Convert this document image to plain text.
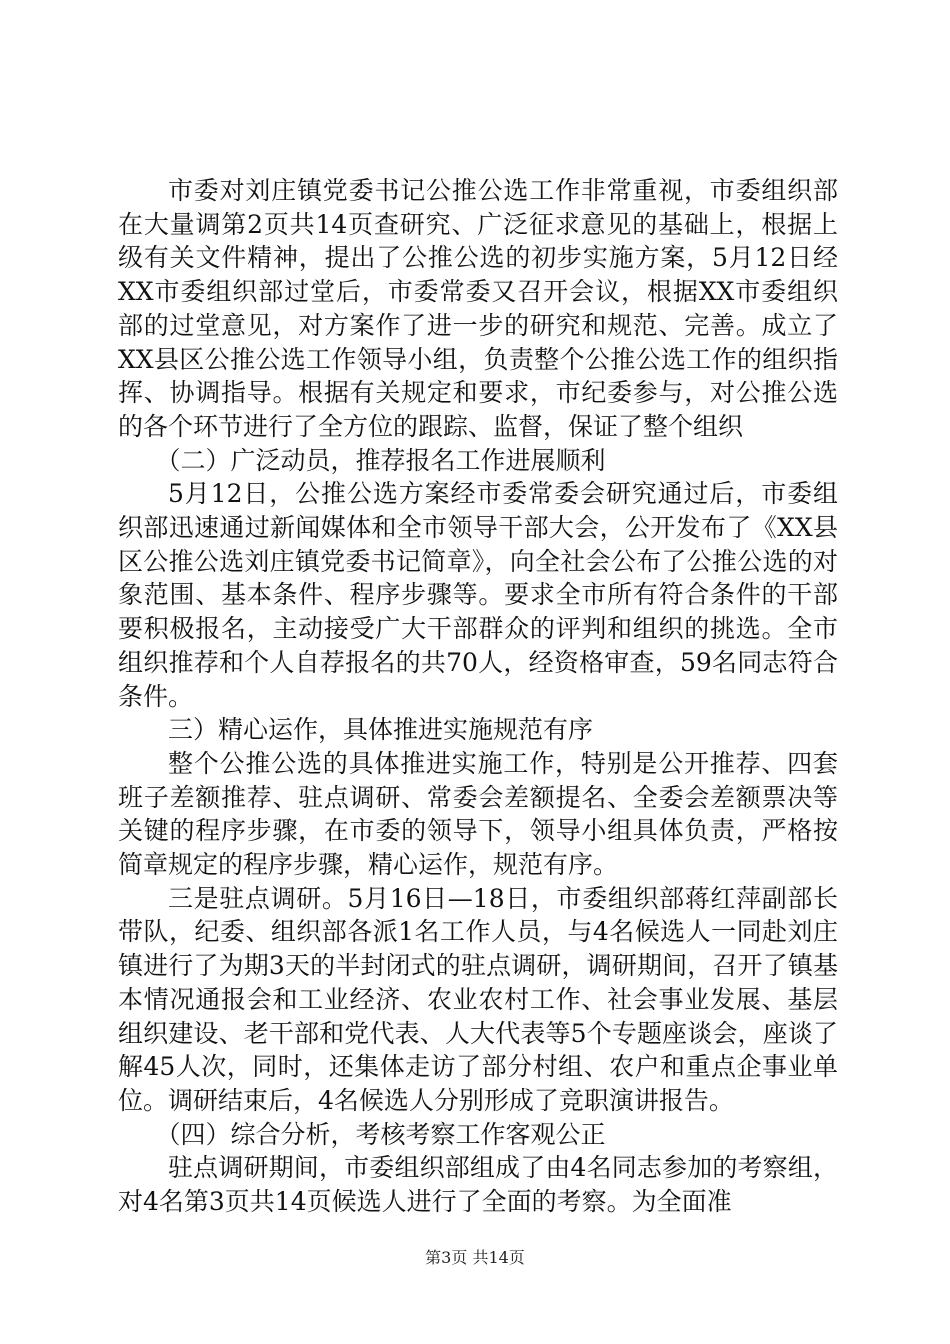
市委对刘庄镇党委书记公推公选工作非常重视，市委组织部在大量调第2页共14页查研究、广泛征求意见的基础上，根据上级有关文件精神，提出了公推公选的初步实施方案，5月12日经XX市委组织部过堂后，市委常委又召开会议，根据XX市委组织部的过堂意见，对方案作了进一步的研究和规范、完善。成立了XX县区公推公选工作领导小组，负责整个公推公选工作的组织指挥、协调指导。根据有关规定和要求，市纪委参与，对公推公选的各个环节进行了全方位的跟踪、监督，保证了整个组织

（二）广泛动员，推荐报名工作进展顺利

5月12日，公推公选方案经市委常委会研究通过后，市委组织部迅速通过新闻媒体和全市领导干部大会，公开发布了《XX县区公推公选刘庄镇党委书记简章》，向全社会公布了公推公选的对象范围、基本条件、程序步骤等。要求全市所有符合条件的干部要积极报名，主动接受广大干部群众的评判和组织的挑选。全市组织推荐和个人自荐报名的共70人，经资格审查，59名同志符合条件。

三）精心运作，具体推进实施规范有序

整个公推公选的具体推进实施工作，特别是公开推荐、四套班子差额推荐、驻点调研、常委会差额提名、全委会差额票决等关键的程序步骤，在市委的领导下，领导小组具体负责，严格按简章规定的程序步骤，精心运作，规范有序。

三是驻点调研。5月16日—18日，市委组织部蒋红萍副部长带队，纪委、组织部各派1名工作人员，与4名候选人一同赴刘庄镇进行了为期3天的半封闭式的驻点调研，调研期间，召开了镇基本情况通报会和工业经济、农业农村工作、社会事业发展、基层组织建设、老干部和党代表、人大代表等5个专题座谈会，座谈了解45人次，同时，还集体走访了部分村组、农户和重点企事业单位。调研结束后，4名候选人分别形成了竞职演讲报告。

（四）综合分析，考核考察工作客观公正

驻点调研期间，市委组织部组成了由4名同志参加的考察组，对4名第3页共14页候选人进行了全面的考察。为全面准

第3页 共14页
